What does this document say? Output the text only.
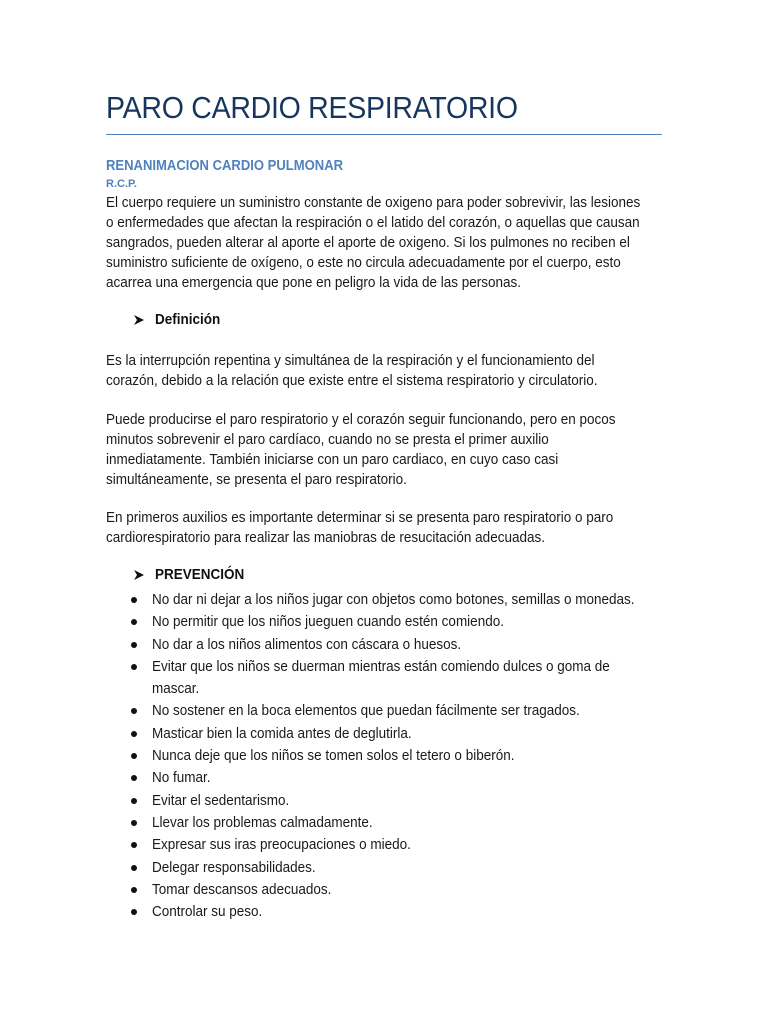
PARO CARDIO RESPIRATORIO
RENANIMACION CARDIO PULMONAR
R.C.P.
El cuerpo requiere un suministro constante de oxigeno para poder sobrevivir, las lesiones
o enfermedades que afectan la respiración o el latido del corazón, o aquellas que causan
sangrados, pueden alterar al aporte el aporte de oxigeno. Si los pulmones no reciben el
suministro suficiente de oxígeno, o este no circula adecuadamente por el cuerpo, esto
acarrea una emergencia que pone en peligro la vida de las personas.
Definición
Es la interrupción repentina y simultánea de la respiración y el funcionamiento del
corazón, debido a la relación que existe entre el sistema respiratorio y circulatorio.
Puede producirse el paro respiratorio y el corazón seguir funcionando, pero en pocos
minutos sobrevenir el paro cardíaco, cuando no se presta el primer auxilio
inmediatamente. También iniciarse con un paro cardiaco, en cuyo caso casi
simultáneamente, se presenta el paro respiratorio.
En primeros auxilios es importante determinar si se presenta paro respiratorio o paro
cardiorespiratorio para realizar las maniobras de resucitación adecuadas.
PREVENCIÓN
No dar ni dejar a los niños jugar con objetos como botones, semillas o monedas.
No permitir que los niños jueguen cuando estén comiendo.
No dar a los niños alimentos con cáscara o huesos.
Evitar que los niños se duerman mientras están comiendo dulces o goma de
mascar.
No sostener en la boca elementos que puedan fácilmente ser tragados.
Masticar bien la comida antes de deglutirla.
Nunca deje que los niños se tomen solos el tetero o biberón.
No fumar.
Evitar el sedentarismo.
Llevar los problemas calmadamente.
Expresar sus iras preocupaciones o miedo.
Delegar responsabilidades.
Tomar descansos adecuados.
Controlar su peso.
